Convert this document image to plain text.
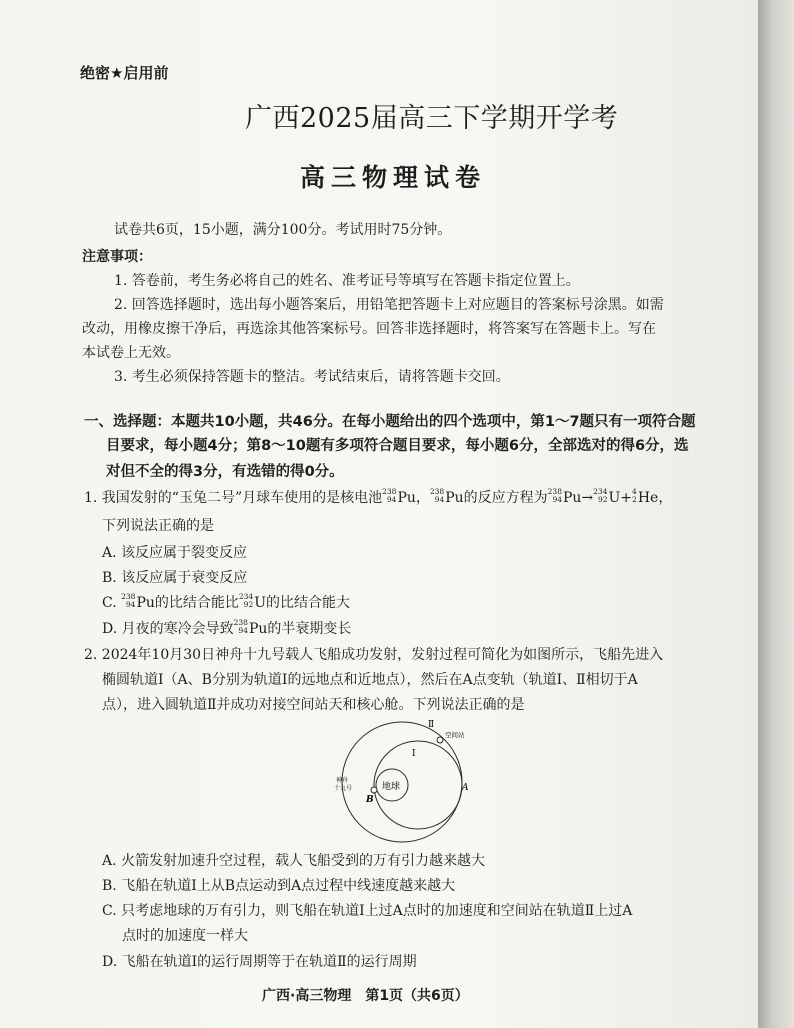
绝密★启用前
广西2025届高三下学期开学考
高三物理试卷
试卷共6页，15小题，满分100分。考试用时75分钟。
注意事项：
1. 答卷前，考生务必将自己的姓名、准考证号等填写在答题卡指定位置上。
2. 回答选择题时，选出每小题答案后，用铅笔把答题卡上对应题目的答案标号涂黑。如需
改动，用橡皮擦干净后，再选涂其他答案标号。回答非选择题时，将答案写在答题卡上。写在
本试卷上无效。
3. 考生必须保持答题卡的整洁。考试结束后，请将答题卡交回。
一、选择题：本题共10小题，共46分。在每小题给出的四个选项中，第1～7题只有一项符合题
目要求，每小题4分；第8～10题有多项符合题目要求，每小题6分，全部选对的得6分，选
对但不全的得3分，有选错的得0分。
1. 我国发射的“玉兔二号”月球车使用的是核电池 238
94 Pu， 238
94 Pu的反应方程为 238
94 Pu→ 234
92 U+ 4
2 He，
下列说法正确的是
A. 该反应属于裂变反应
B. 该反应属于衰变反应
C. 238
94 Pu的比结合能比 234
92 U的比结合能大
D. 月夜的寒冷会导致 238
94 Pu的半衰期变长
2. 2024年10月30日神舟十九号载人飞船成功发射，发射过程可简化为如图所示，飞船先进入
椭圆轨道Ⅰ（A、B分别为轨道Ⅰ的远地点和近地点），然后在A点变轨（轨道Ⅰ、Ⅱ相切于A
点），进入圆轨道Ⅱ并成功对接空间站天和核心舱。下列说法正确的是
地球
空间站
Ⅱ
Ⅰ
神舟
十九号
B
A
A. 火箭发射加速升空过程，载人飞船受到的万有引力越来越大
B. 飞船在轨道Ⅰ上从B点运动到A点过程中线速度越来越大
C. 只考虑地球的万有引力，则飞船在轨道Ⅰ上过A点时的加速度和空间站在轨道Ⅱ上过A
点时的加速度一样大
D. 飞船在轨道Ⅰ的运行周期等于在轨道Ⅱ的运行周期
广西·高三物理　第1页（共6页）
